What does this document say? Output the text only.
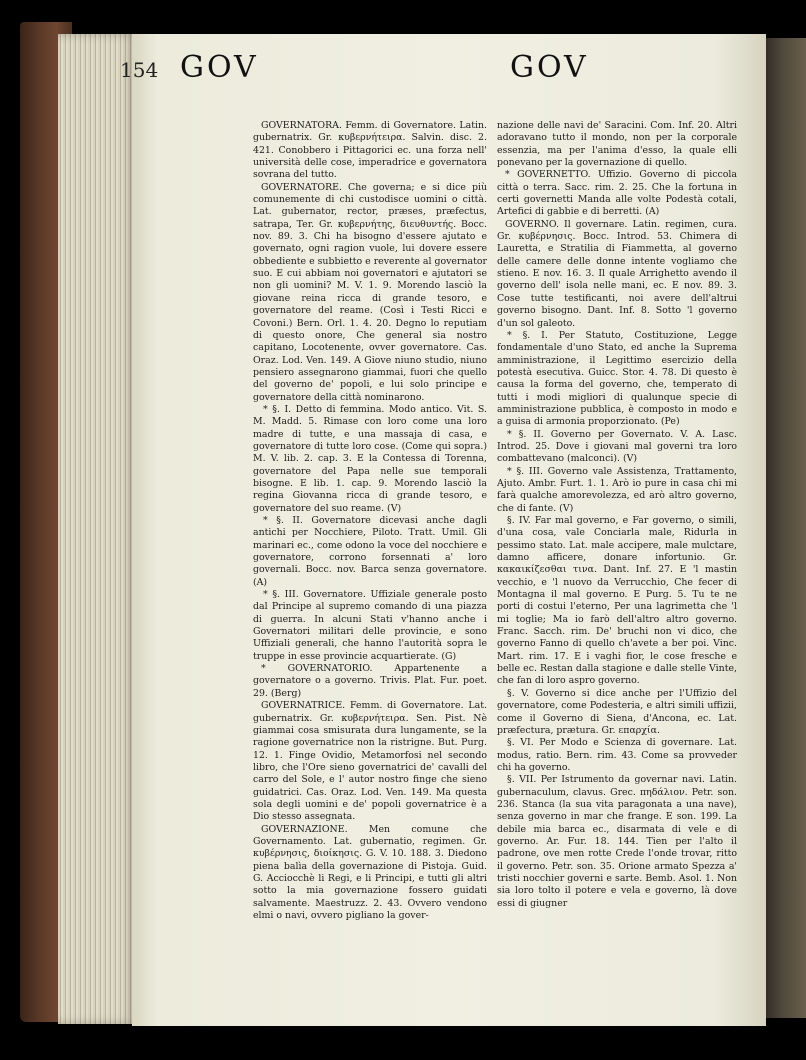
154 GOV	GOV

GOVERNATORA. Femm. di Governatore. Latin. gubernatrix. Gr. κυβερνήτειρα. Salvin. disc. 2. 421. Conobbero i Pittagorici ec. una forza nell' università delle cose, imperadrice e governatora sovrana del tutto.

GOVERNATORE. Che governa; e si dice più comunemente di chi custodisce uomini o città. Lat. gubernator, rector, præses, præfectus, satrapa, Ter. Gr. κυβερνήτης, διευθυντής. Bocc. nov. 89. 3. Chi ha bisogno d'essere ajutato e governato, ogni ragion vuole, lui dovere essere obbediente e subbietto e reverente al governator suo. E cui abbiam noi governatori e ajutatori se non gli uomini? M. V. 1. 9. Morendo lasciò la giovane reina ricca di grande tesoro, e governatore del reame. (Così i Testi Ricci e Covoni.) Bern. Orl. 1. 4. 20. Degno lo reputiam di questo onore, Che general sia nostro capitano, Locotenente, ovver governatore. Cas. Oraz. Lod. Ven. 149. A Giove niuno studio, niuno pensiero assegnarono giammai, fuori che quello del governo de' popoli, e lui solo principe e governatore della città nominarono.

* §. I. Detto di femmina. Modo antico. Vit. S. M. Madd. 5. Rimase con loro come una loro madre di tutte, e una massaja di casa, e governatore di tutte loro cose. (Come qui sopra.) M. V. lib. 2. cap. 3. E la Contessa di Torenna, governatore del Papa nelle sue temporali bisogne. E lib. 1. cap. 9. Morendo lasciò la regina Giovanna ricca di grande tesoro, e governatore del suo reame. (V)

* §. II. Governatore dicevasi anche dagli antichi per Nocchiere, Piloto. Tratt. Umil. Gli marinari ec., come odono la voce del nocchiere e governatore, corrono forsennati a' loro governali. Bocc. nov. Barca senza governatore. (A)

* §. III. Governatore. Uffiziale generale posto dal Principe al supremo comando di una piazza di guerra. In alcuni Stati v'hanno anche i Governatori militari delle provincie, e sono Uffiziali generali, che hanno l'autorità sopra le truppe in esse provincie acquartierate. (G)

* GOVERNATORIO. Appartenente a governatore o a governo. Trivis. Plat. Fur. poet. 29. (Berg)

GOVERNATRICE. Femm. di Governatore. Lat. gubernatrix. Gr. κυβερνήτειρα. Sen. Pist. Nè giammai cosa smisurata dura lungamente, se la ragione governatrice non la ristrigne. But. Purg. 12. 1. Finge Ovidio, Metamorfosi nel secondo libro, che l'Ore sieno governatrici de' cavalli del carro del Sole, e l' autor nostro finge che sieno guidatrici. Cas. Oraz. Lod. Ven. 149. Ma questa sola degli uomini e de' popoli governatrice è a Dio stesso assegnata.

GOVERNAZIONE. Men comune che Governamento. Lat. gubernatio, regimen. Gr. κυβέρνησις, διοίκησις. G. V. 10. 188. 3. Diedono piena balìa della governazione di Pistoja. Guid. G. Acciocchè li Regi, e li Principi, e tutti gli altri sotto la mia governazione fossero guidati salvamente. Maestruzz. 2. 43. Ovvero vendono elmi o navi, ovvero pigliano la gover-

nazione delle navi de' Saracini. Com. Inf. 20. Altri adoravano tutto il mondo, non per la corporale essenzia, ma per l'anima d'esso, la quale elli ponevano per la governazione di quello.

* GOVERNETTO. Uffizio. Governo di piccola città o terra. Sacc. rim. 2. 25. Che la fortuna in certi governetti Manda alle volte Podestà cotali, Artefici di gabbie e di berretti. (A)

GOVERNO. Il governare. Latin. regimen, cura. Gr. κυβέρνησις. Bocc. Introd. 53. Chimera di Lauretta, e Stratilia di Fiammetta, al governo delle camere delle donne intente vogliamo che stieno. E nov. 16. 3. Il quale Arrighetto avendo il governo dell' isola nelle mani, ec. E nov. 89. 3. Cose tutte testificanti, noi avere dell'altrui governo bisogno. Dant. Inf. 8. Sotto 'l governo d'un sol galeoto.

* §. I. Per Statuto, Costituzione, Legge fondamentale d'uno Stato, ed anche la Suprema amministrazione, il Legittimo esercizio della potestà esecutiva. Guicc. Stor. 4. 78. Di questo è causa la forma del governo, che, temperato di tutti i modi migliori di qualunque specie di amministrazione pubblica, è composto in modo e a guisa di armonia proporzionato. (Pe)

* §. II. Governo per Governato. V. A. Lasc. Introd. 25. Dove i giovani mal governi tra loro combattevano (malconci). (V)

* §. III. Governo vale Assistenza, Trattamento, Ajuto. Ambr. Furt. 1. 1. Arò io pure in casa chi mi farà qualche amorevolezza, ed arò altro governo, che di fante. (V)

§. IV. Far mal governo, e Far governo, o simili, d'una cosa, vale Conciarla male, Ridurla in pessimo stato. Lat. male accipere, male mulctare, damno afficere, donare infortunio. Gr. κακαικίζεσθαι τινα. Dant. Inf. 27. E 'l mastin vecchio, e 'l nuovo da Verrucchio, Che fecer di Montagna il mal governo. E Purg. 5. Tu te ne porti di costui l'eterno, Per una lagrimetta che 'l mi toglie; Ma io farò dell'altro altro governo. Franc. Sacch. rim. De' bruchi non vi dico, che governo Fanno di quello ch'avete a ber poi. Vinc. Mart. rim. 17. E i vaghi fior, le cose fresche e belle ec. Restan dalla stagione e dalle stelle Vinte, che fan di loro aspro governo.

§. V. Governo si dice anche per l'Uffizio del governatore, come Podesteria, e altri simili uffizii, come il Governo di Siena, d'Ancona, ec. Lat. præfectura, prætura. Gr. επαρχία.

§. VI. Per Modo e Scienza di governare. Lat. modus, ratio. Bern. rim. 43. Come sa provveder chi ha governo.

§. VII. Per Istrumento da governar navi. Latin. gubernaculum, clavus. Grec. πηδάλιον. Petr. son. 236. Stanca (la sua vita paragonata a una nave), senza governo in mar che frange. E son. 199. La debile mia barca ec., disarmata di vele e di governo. Ar. Fur. 18. 144. Tien per l'alto il padrone, ove men rotte Crede l'onde trovar, ritto il governo. Petr. son. 35. Orione armato Spezza a' tristi nocchier governi e sarte. Bemb. Asol. 1. Non sia loro tolto il potere e vela e governo, là dove essi di giugner
